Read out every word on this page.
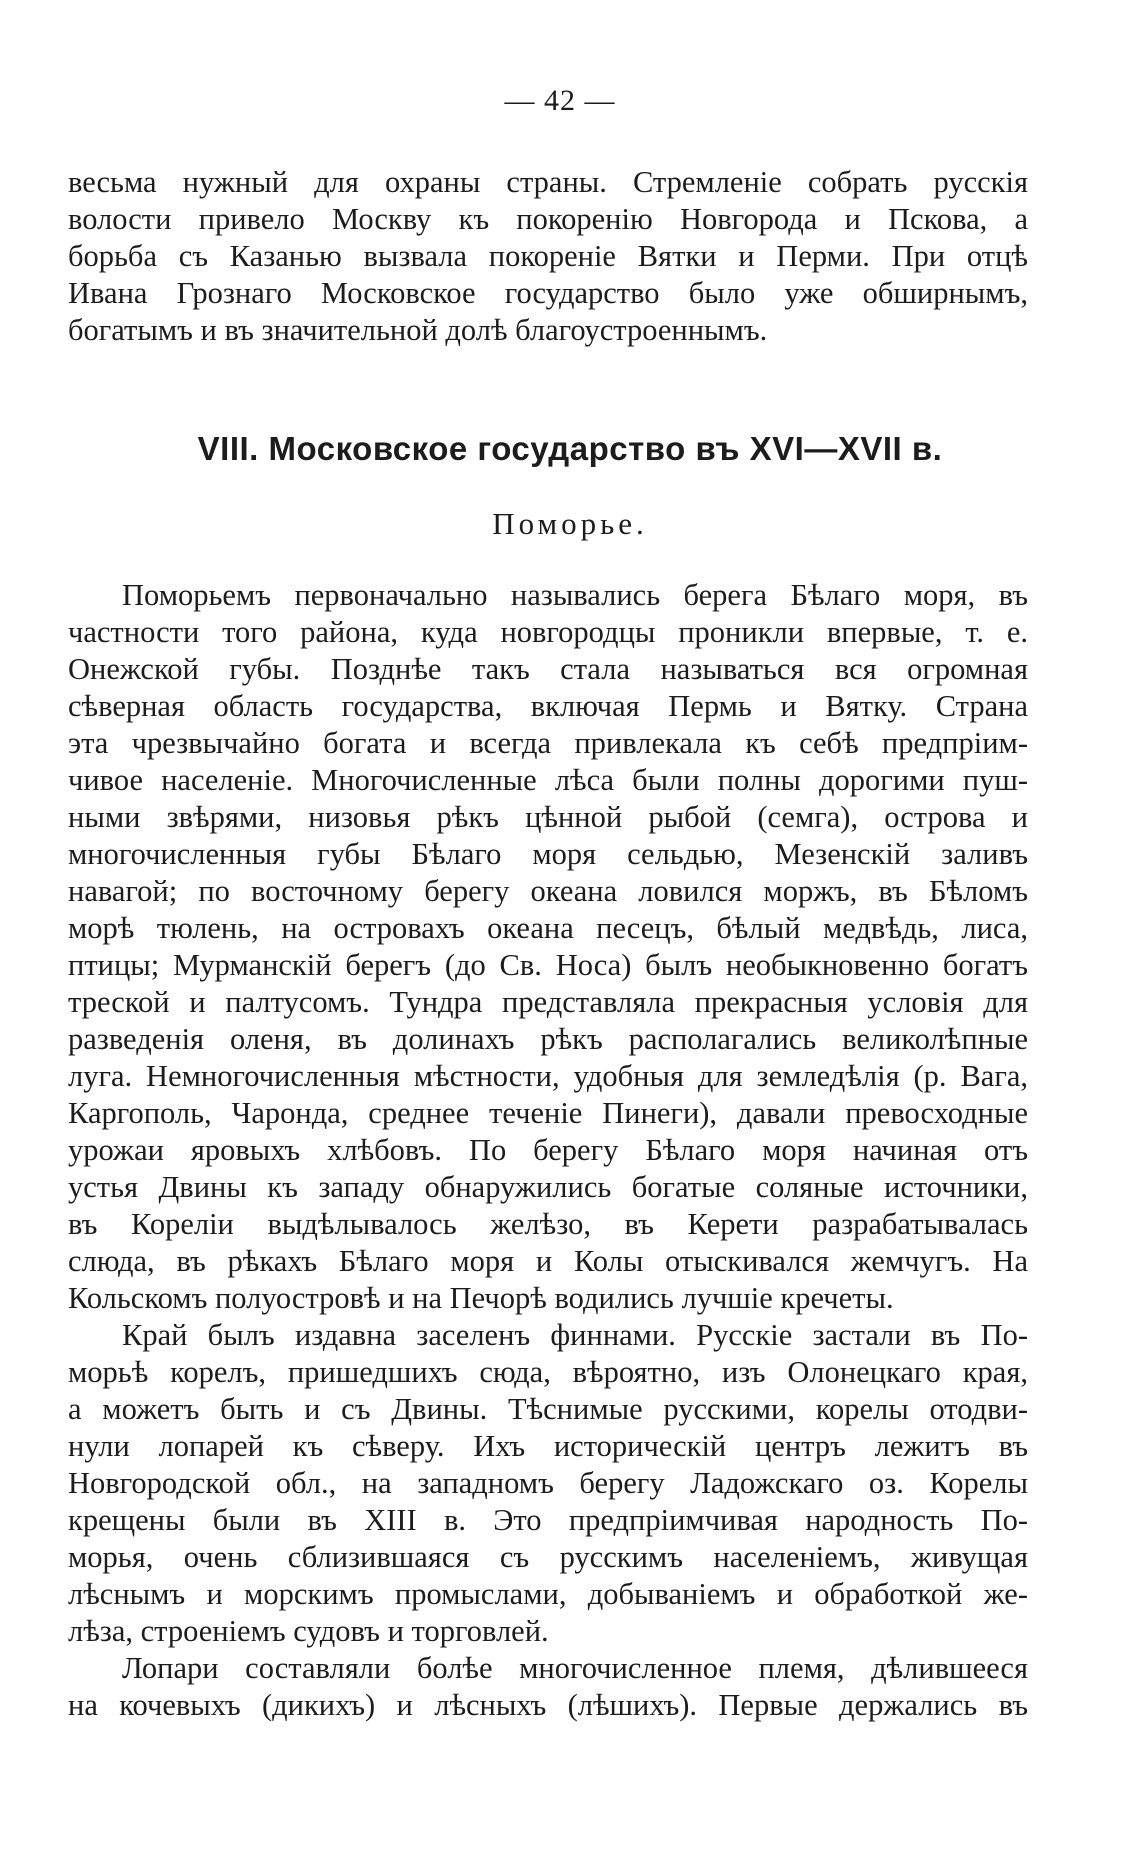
— 42 —
весьма нужный для охраны страны. Стремленіе собрать русскія
волости привело Москву къ покоренію Новгорода и Пскова, а
борьба съ Казанью вызвала покореніе Вятки и Перми. При отцѣ
Ивана Грознаго Московское государство было уже обширнымъ,
богатымъ и въ значительной долѣ благоустроеннымъ.
VIII. Московское государство въ XVI—XVII в.
Поморье.
Поморьемъ первоначально назывались берега Бѣлаго моря, въ
частности того района, куда новгородцы проникли впервые, т. е.
Онежской губы. Позднѣе такъ стала называться вся огромная
сѣверная область государства, включая Пермь и Вятку. Страна
эта чрезвычайно богата и всегда привлекала къ себѣ предпріим-
чивое населеніе. Многочисленные лѣса были полны дорогими пуш-
ными звѣрями, низовья рѣкъ цѣнной рыбой (семга), острова и
многочисленныя губы Бѣлаго моря сельдью, Мезенскій заливъ
навагой; по восточному берегу океана ловился моржъ, въ Бѣломъ
морѣ тюлень, на островахъ океана песецъ, бѣлый медвѣдь, лиса,
птицы; Мурманскій берегъ (до Св. Носа) былъ необыкновенно богатъ
треской и палтусомъ. Тундра представляла прекрасныя условія для
разведенія оленя, въ долинахъ рѣкъ располагались великолѣпные
луга. Немногочисленныя мѣстности, удобныя для земледѣлія (р. Вага,
Каргополь, Чаронда, среднее теченіе Пинеги), давали превосходные
урожаи яровыхъ хлѣбовъ. По берегу Бѣлаго моря начиная отъ
устья Двины къ западу обнаружились богатые соляные источники,
въ Кореліи выдѣлывалось желѣзо, въ Керети разрабатывалась
слюда, въ рѣкахъ Бѣлаго моря и Колы отыскивался жемчугъ. На
Кольскомъ полуостровѣ и на Печорѣ водились лучшіе кречеты.
Край былъ издавна заселенъ финнами. Русскіе застали въ По-
морьѣ корелъ, пришедшихъ сюда, вѣроятно, изъ Олонецкаго края,
а можетъ быть и съ Двины. Тѣснимые русскими, корелы отодви-
нули лопарей къ сѣверу. Ихъ историческій центръ лежитъ въ
Новгородской обл., на западномъ берегу Ладожскаго оз. Корелы
крещены были въ XIII в. Это предпріимчивая народность По-
морья, очень сблизившаяся съ русскимъ населеніемъ, живущая
лѣснымъ и морскимъ промыслами, добываніемъ и обработкой же-
лѣза, строеніемъ судовъ и торговлей.
Лопари составляли болѣе многочисленное племя, дѣлившееся
на кочевыхъ (дикихъ) и лѣсныхъ (лѣшихъ). Первые держались въ
